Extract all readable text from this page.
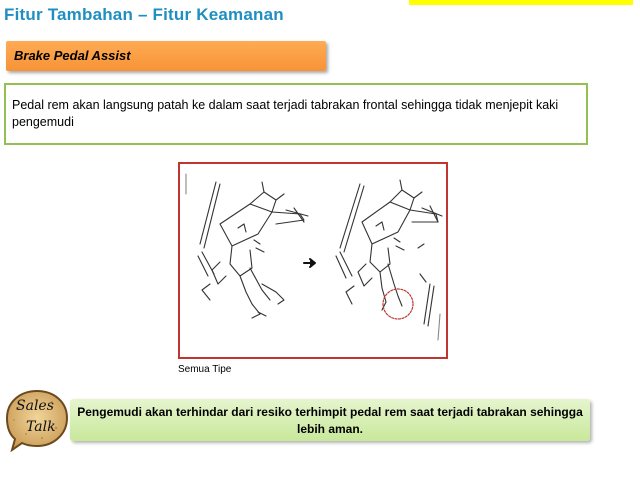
Fitur Tambahan – Fitur Keamanan
Brake Pedal Assist
Pedal rem akan langsung patah ke dalam saat terjadi tabrakan frontal sehingga tidak menjepit kaki pengemudi
Semua Tipe
Sales
Talk
Pengemudi akan terhindar dari resiko terhimpit pedal rem saat terjadi tabrakan sehingga lebih aman.
